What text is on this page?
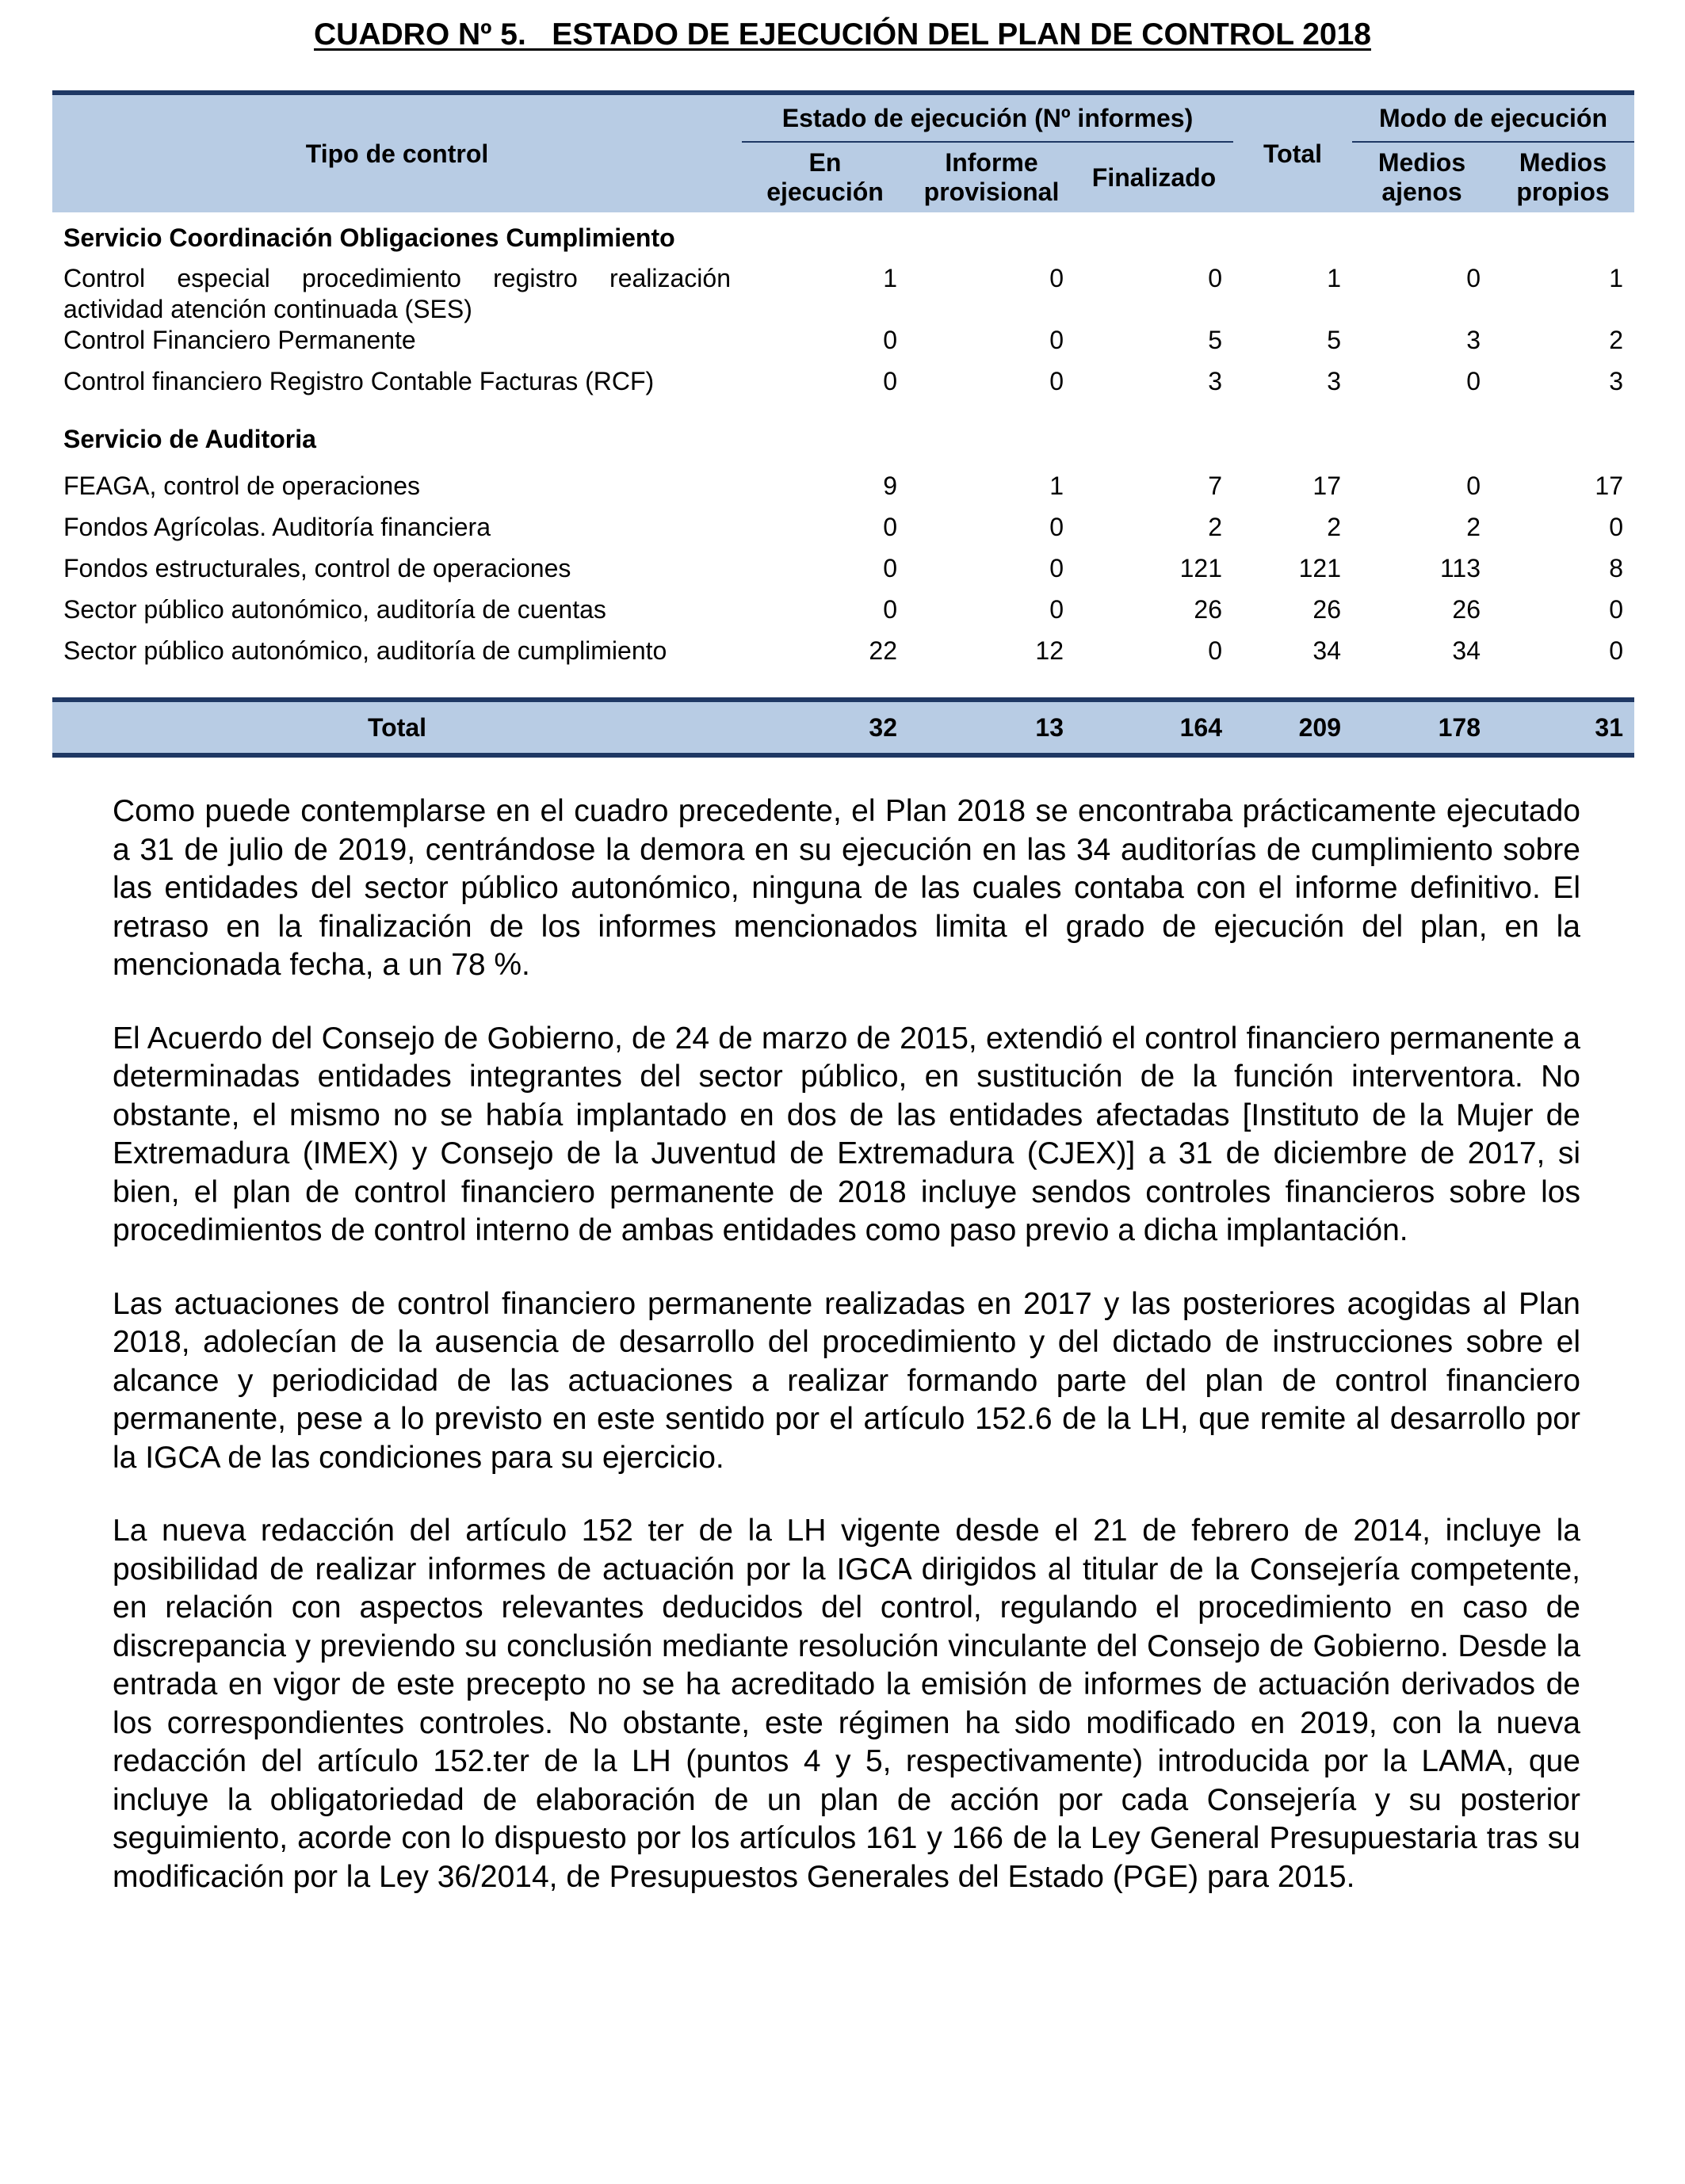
CUADRO Nº 5.   ESTADO DE EJECUCIÓN DEL PLAN DE CONTROL 2018
Tipo de control	Estado de ejecución (Nº informes)			Total	Modo de ejecución	
	En ejecución	Informe provisional	Finalizado		Medios ajenos	Medios propios
Servicio Coordinación Obligaciones Cumplimiento						
Control especial procedimiento registro realización actividad atención continuada (SES)	1	0	0	1	0	1
Control Financiero Permanente	0	0	5	5	3	2
Control financiero Registro Contable Facturas (RCF)	0	0	3	3	0	3
Servicio de Auditoria						
FEAGA, control de operaciones	9	1	7	17	0	17
Fondos Agrícolas. Auditoría financiera	0	0	2	2	2	0
Fondos estructurales, control de operaciones	0	0	121	121	113	8
Sector público autonómico, auditoría de cuentas	0	0	26	26	26	0
Sector público autonómico, auditoría de cumplimiento	22	12	0	34	34	0

Total	32	13	164	209	178	31

Como puede contemplarse en el cuadro precedente, el Plan 2018 se encontraba prácticamente ejecutado a 31 de julio de 2019, centrándose la demora en su ejecución en las 34 auditorías de cumplimiento sobre las entidades del sector público autonómico, ninguna de las cuales contaba con el informe definitivo. El retraso en la finalización de los informes mencionados limita el grado de ejecución del plan, en la mencionada fecha, a un 78 %.

El Acuerdo del Consejo de Gobierno, de 24 de marzo de 2015, extendió el control financiero permanente a determinadas entidades integrantes del sector público, en sustitución de la función interventora. No obstante, el mismo no se había implantado en dos de las entidades afectadas [Instituto de la Mujer de Extremadura (IMEX) y Consejo de la Juventud de Extremadura (CJEX)] a 31 de diciembre de 2017, si bien, el plan de control financiero permanente de 2018 incluye sendos controles financieros sobre los procedimientos de control interno de ambas entidades como paso previo a dicha implantación.

Las actuaciones de control financiero permanente realizadas en 2017 y las posteriores acogidas al Plan 2018, adolecían de la ausencia de desarrollo del procedimiento y del dictado de instrucciones sobre el alcance y periodicidad de las actuaciones a realizar formando parte del plan de control financiero permanente, pese a lo previsto en este sentido por el artículo 152.6 de la LH, que remite al desarrollo por la IGCA de las condiciones para su ejercicio.

La nueva redacción del artículo 152 ter de la LH vigente desde el 21 de febrero de 2014, incluye la posibilidad de realizar informes de actuación por la IGCA dirigidos al titular de la Consejería competente, en relación con aspectos relevantes deducidos del control, regulando el procedimiento en caso de discrepancia y previendo su conclusión mediante resolución vinculante del Consejo de Gobierno. Desde la entrada en vigor de este precepto no se ha acreditado la emisión de informes de actuación derivados de los correspondientes controles. No obstante, este régimen ha sido modificado en 2019, con la nueva redacción del artículo 152.ter de la LH (puntos 4 y 5, respectivamente) introducida por la LAMA, que incluye la obligatoriedad de elaboración de un plan de acción por cada Consejería y su posterior seguimiento, acorde con lo dispuesto por los artículos 161 y 166 de la Ley General Presupuestaria tras su modificación por la Ley 36/2014, de Presupuestos Generales del Estado (PGE) para 2015.
